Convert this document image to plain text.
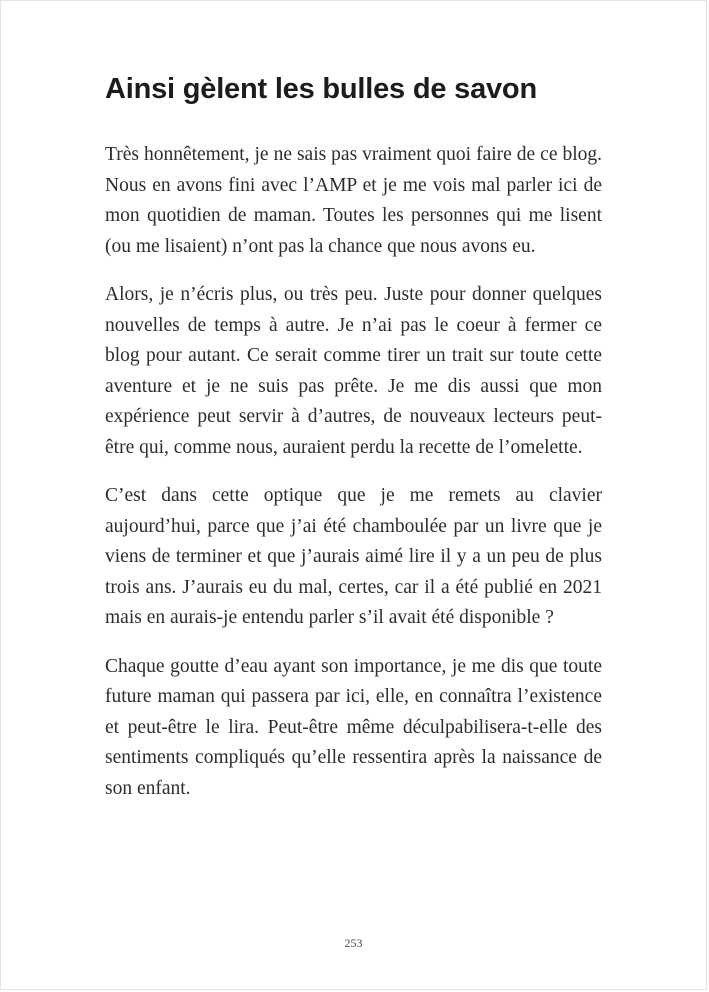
Ainsi gèlent les bulles de savon

Très honnêtement, je ne sais pas vraiment quoi faire de ce blog. Nous en avons fini avec l’AMP et je me vois mal parler ici de mon quotidien de maman. Toutes les personnes qui me lisent (ou me lisaient) n’ont pas la chance que nous avons eu.

Alors, je n’écris plus, ou très peu. Juste pour donner quelques nouvelles de temps à autre. Je n’ai pas le coeur à fermer ce blog pour autant. Ce serait comme tirer un trait sur toute cette aventure et je ne suis pas prête. Je me dis aussi que mon expérience peut servir à d’autres, de nouveaux lecteurs peut-être qui, comme nous, auraient perdu la recette de l’omelette.

C’est dans cette optique que je me remets au clavier aujourd’hui, parce que j’ai été chamboulée par un livre que je viens de terminer et que j’aurais aimé lire il y a un peu de plus trois ans. J’aurais eu du mal, certes, car il a été publié en 2021 mais en aurais-je entendu parler s’il avait été disponible ?

Chaque goutte d’eau ayant son importance, je me dis que toute future maman qui passera par ici, elle, en connaîtra l’existence et peut-être le lira. Peut-être même déculpabilisera-t-elle des sentiments compliqués qu’elle ressentira après la naissance de son enfant.

253
